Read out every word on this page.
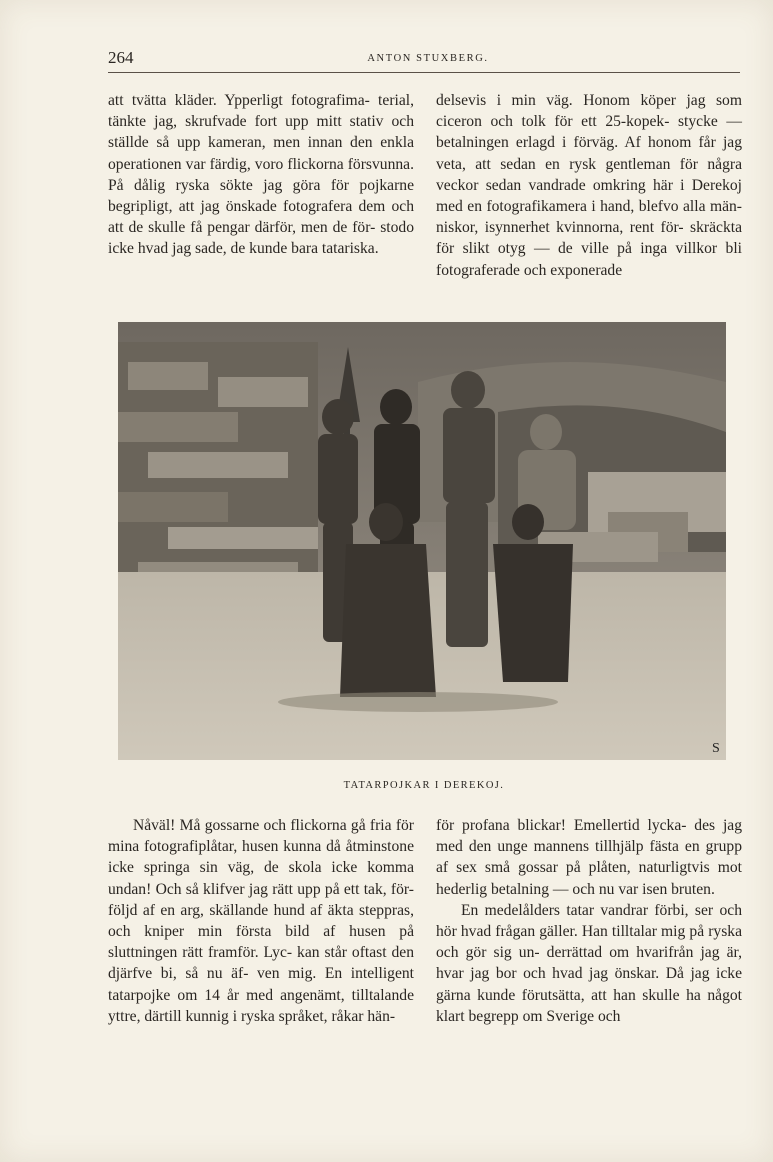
264	ANTON STUXBERG.

att tvätta kläder. Ypperligt fotografima- terial, tänkte jag, skrufvade fort upp mitt stativ och ställde så upp kameran, men innan den enkla operationen var färdig, voro flickorna försvunna. På dålig ryska sökte jag göra för pojkarne begripligt, att jag önskade fotografera dem och att de skulle få pengar därför, men de för- stodo icke hvad jag sade, de kunde bara tatariska.

delsevis i min väg. Honom köper jag som ciceron och tolk för ett 25-kopek- stycke — betalningen erlagd i förväg. Af honom får jag veta, att sedan en rysk gentleman för några veckor sedan vandrade omkring här i Derekoj med en fotografikamera i hand, blefvo alla män- niskor, isynnerhet kvinnorna, rent för- skräckta för slikt otyg — de ville på inga villkor bli fotograferade och exponerade

S
TATARPOJKAR I DEREKOJ.

Nåväl! Må gossarne och flickorna gå fria för mina fotografiplåtar, husen kunna då åtminstone icke springa sin väg, de skola icke komma undan! Och så klifver jag rätt upp på ett tak, för- följd af en arg, skällande hund af äkta steppras, och kniper min första bild af husen på sluttningen rätt framför. Lyc- kan står oftast den djärfve bi, så nu äf- ven mig. En intelligent tatarpojke om 14 år med angenämt, tilltalande yttre, därtill kunnig i ryska språket, råkar hän-

för profana blickar! Emellertid lycka- des jag med den unge mannens tillhjälp fästa en grupp af sex små gossar på plåten, naturligtvis mot hederlig betalning — och nu var isen bruten.

En medelålders tatar vandrar förbi, ser och hör hvad frågan gäller. Han tilltalar mig på ryska och gör sig un- derrättad om hvarifrån jag är, hvar jag bor och hvad jag önskar. Då jag icke gärna kunde förutsätta, att han skulle ha något klart begrepp om Sverige och
